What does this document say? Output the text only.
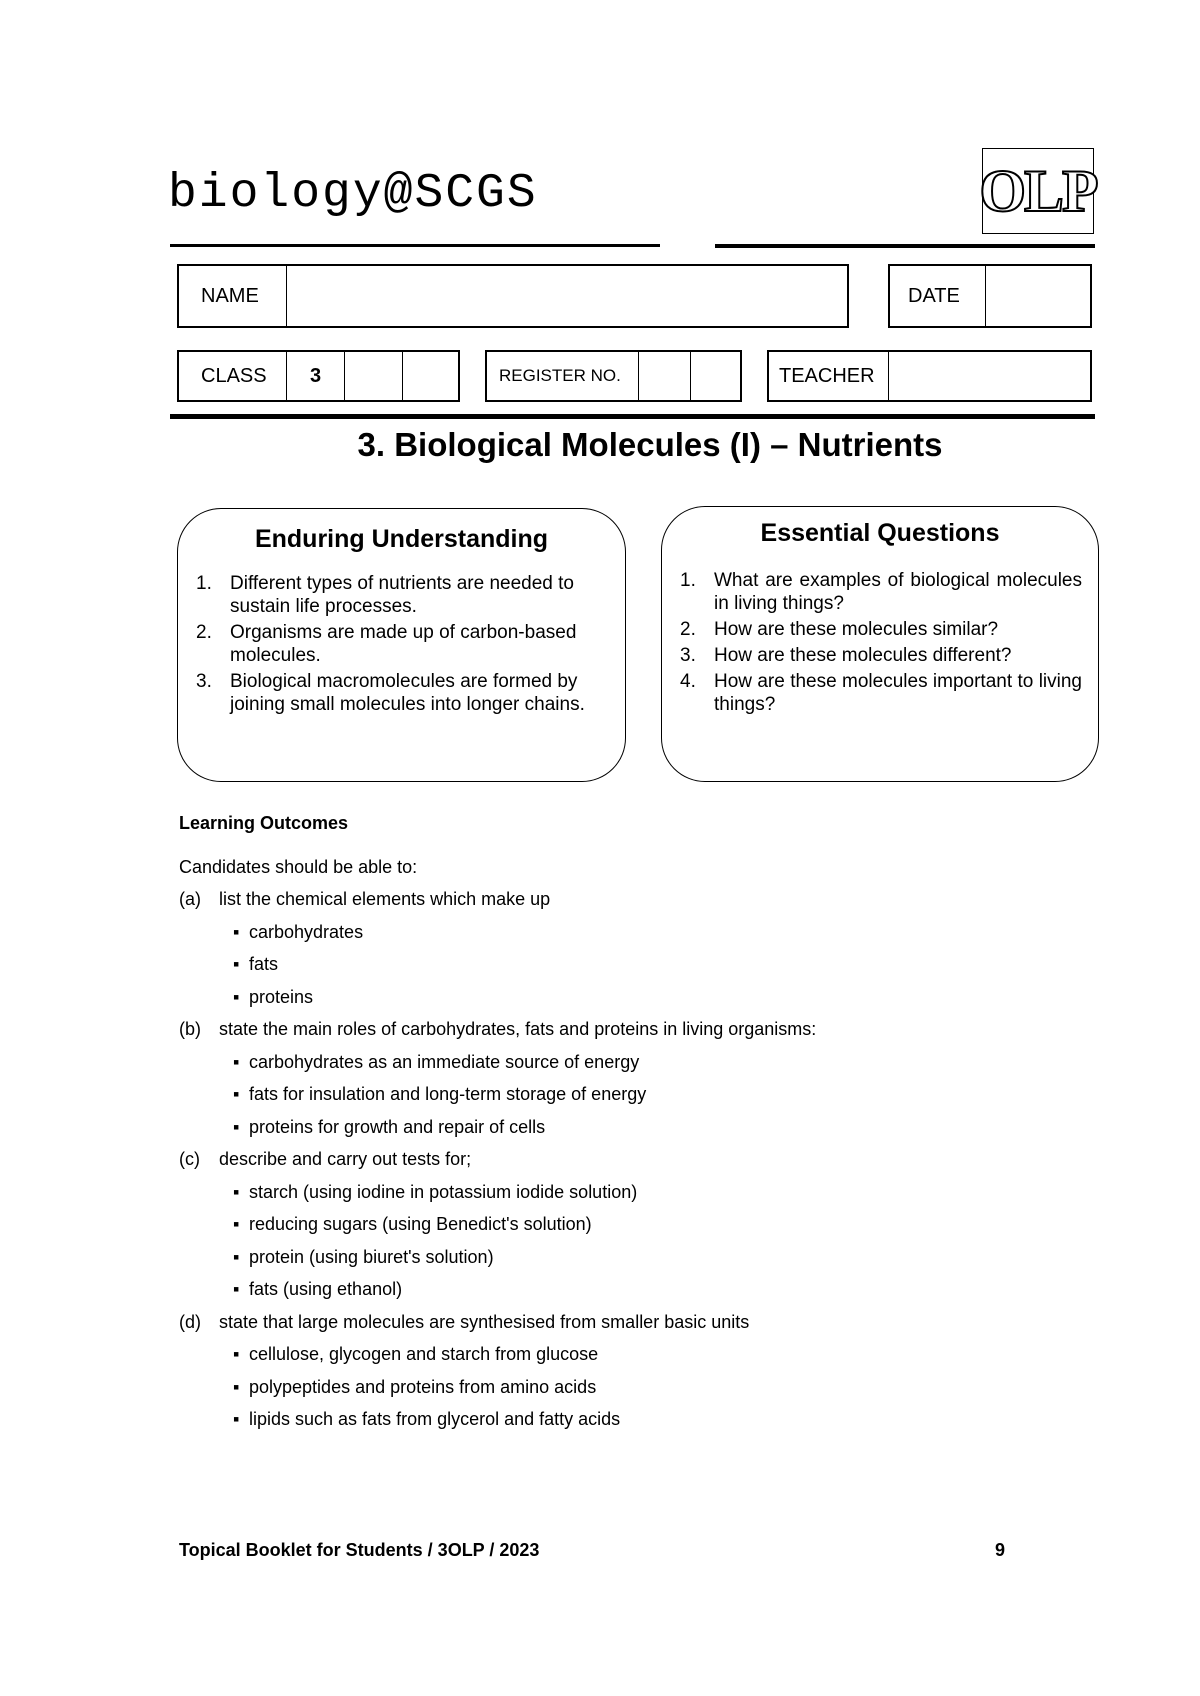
biology@SCGS	OLP
NAME	DATE
CLASS	3	REGISTER NO.	TEACHER
3. Biological Molecules (I) – Nutrients
Enduring Understanding
1. Different types of nutrients are needed to sustain life processes.
2. Organisms are made up of carbon-based molecules.
3. Biological macromolecules are formed by joining small molecules into longer chains.
Essential Questions
1. What are examples of biological molecules in living things?
2. How are these molecules similar?
3. How are these molecules different?
4. How are these molecules important to living things?
Learning Outcomes
Candidates should be able to:
(a) list the chemical elements which make up
▪ carbohydrates
▪ fats
▪ proteins
(b) state the main roles of carbohydrates, fats and proteins in living organisms:
▪ carbohydrates as an immediate source of energy
▪ fats for insulation and long-term storage of energy
▪ proteins for growth and repair of cells
(c) describe and carry out tests for;
▪ starch (using iodine in potassium iodide solution)
▪ reducing sugars (using Benedict's solution)
▪ protein (using biuret's solution)
▪ fats (using ethanol)
(d) state that large molecules are synthesised from smaller basic units
▪ cellulose, glycogen and starch from glucose
▪ polypeptides and proteins from amino acids
▪ lipids such as fats from glycerol and fatty acids
Topical Booklet for Students / 3OLP / 2023	9
